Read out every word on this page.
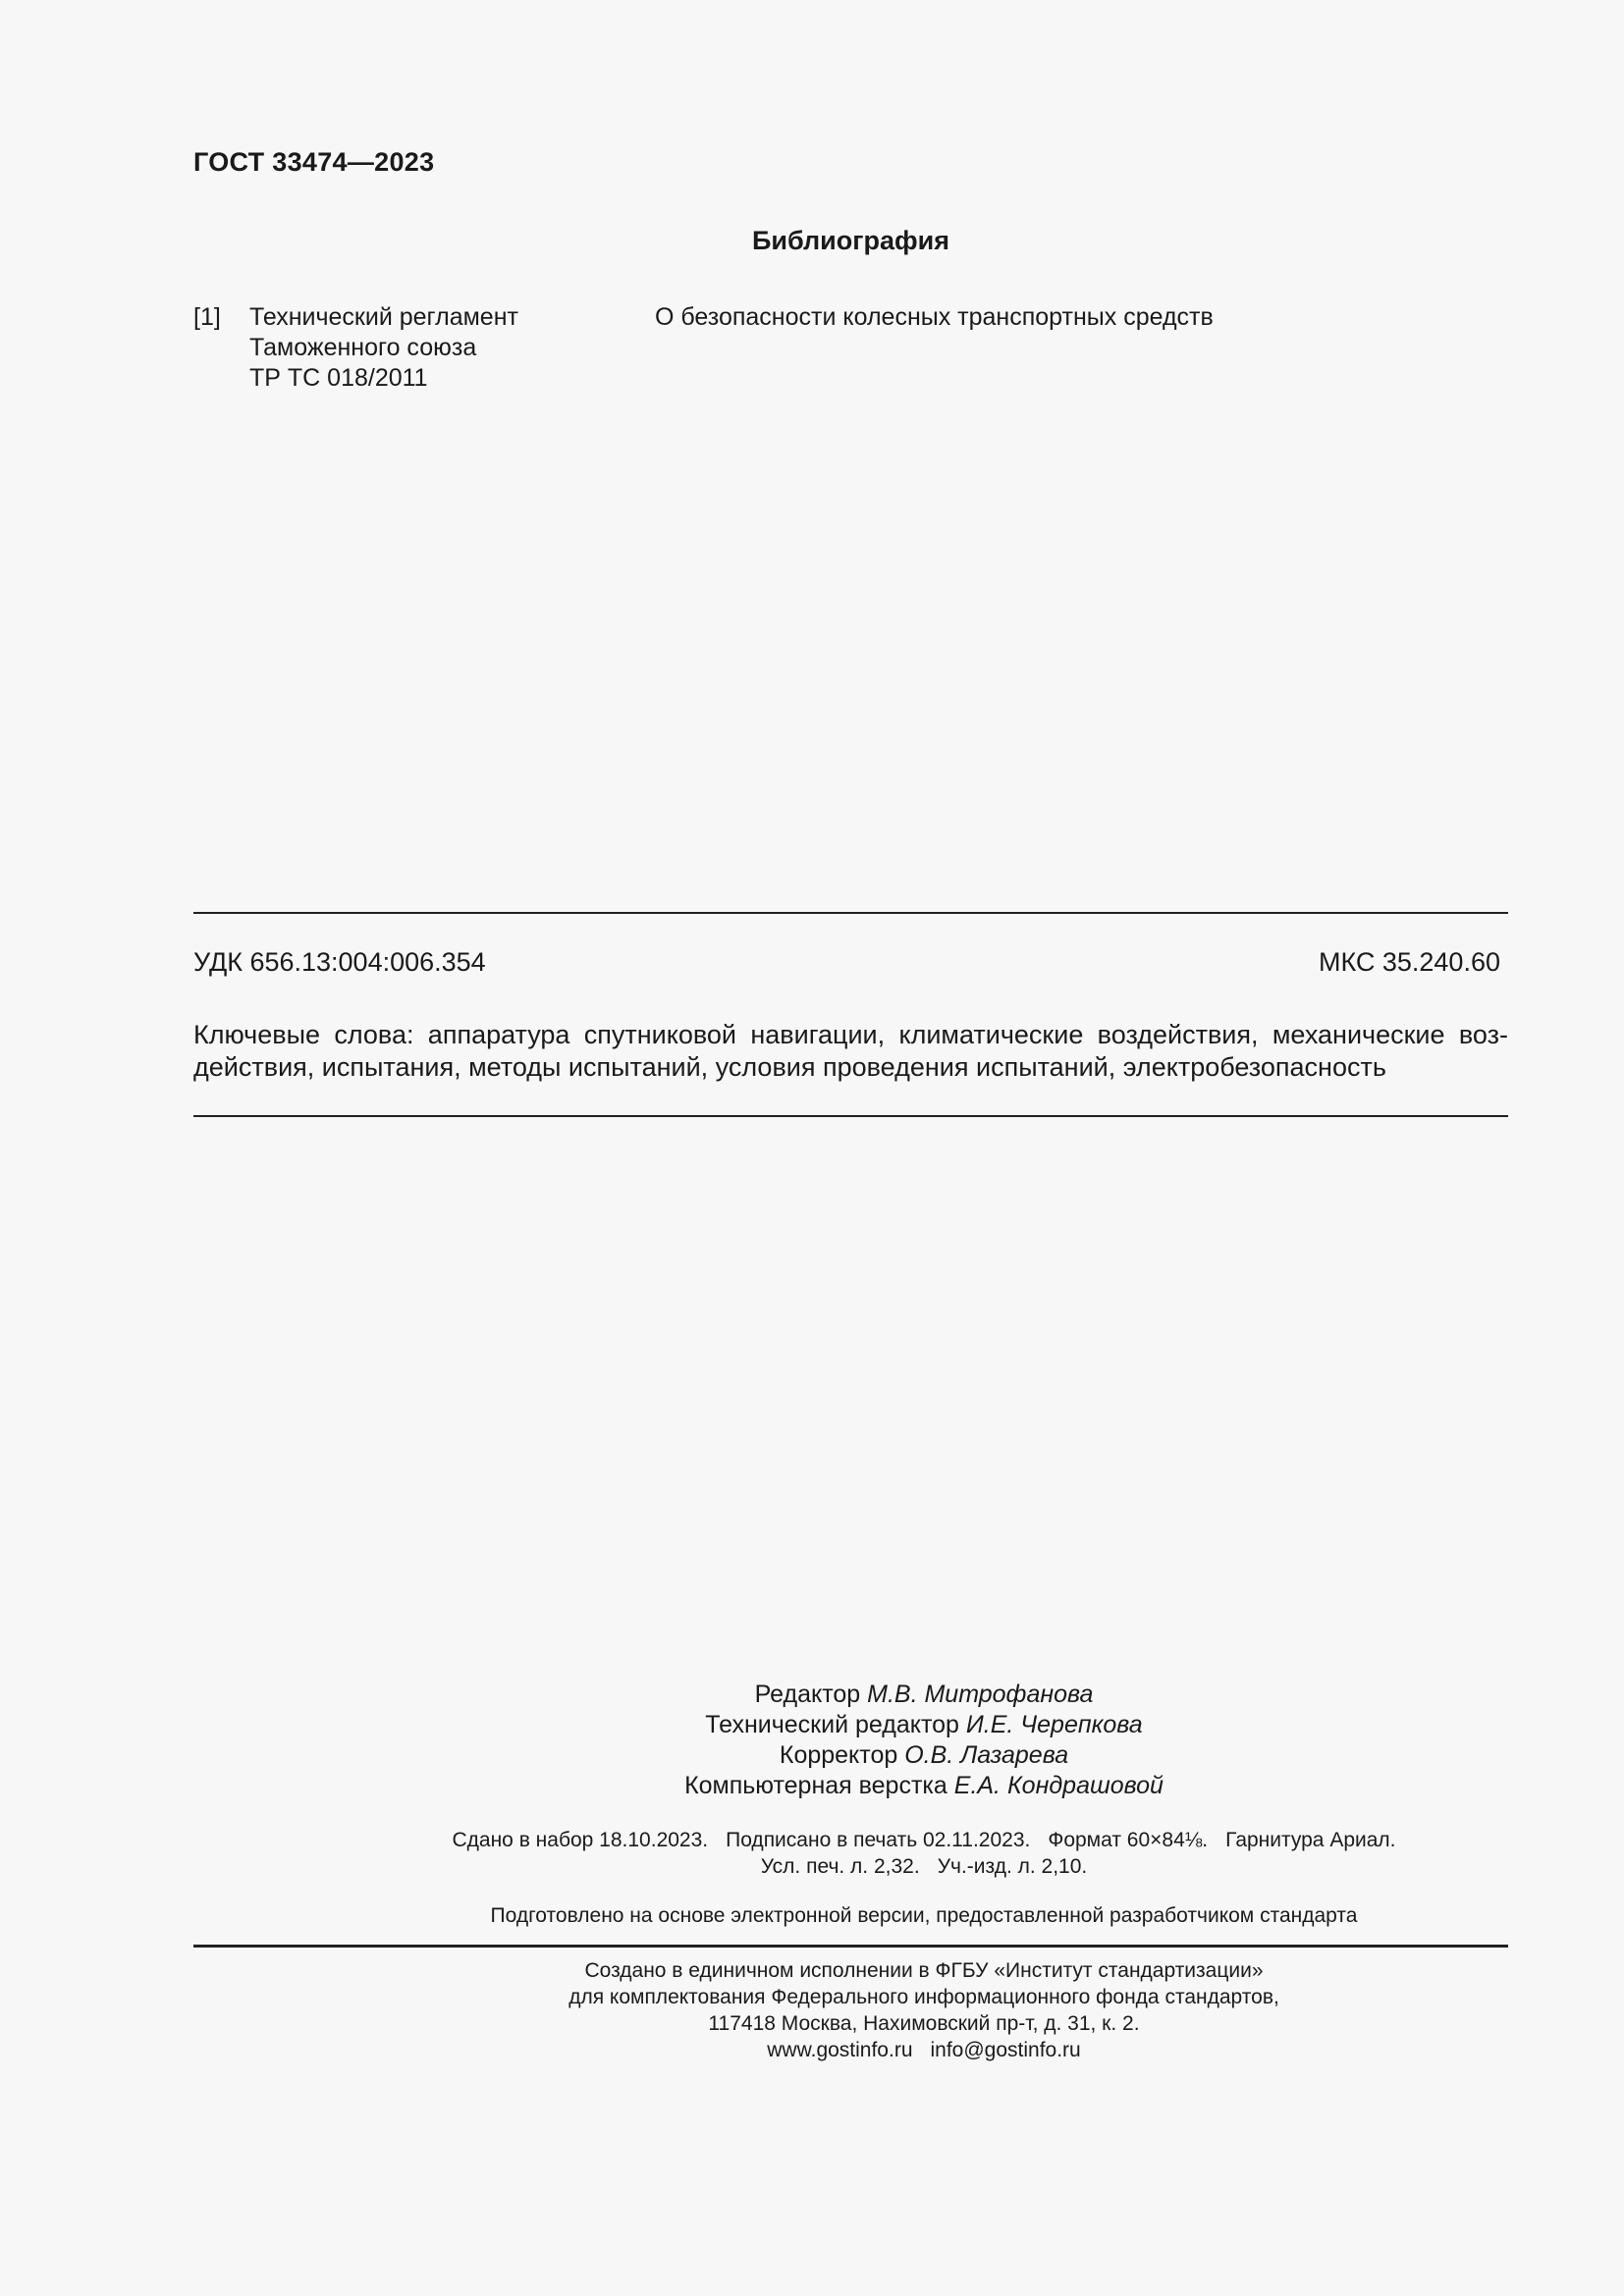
ГОСТ 33474—2023
Библиография
[1] Технический регламент
Таможенного союза
ТР ТС 018/2011
О безопасности колесных транспортных средств
УДК 656.13:004:006.354	МКС 35.240.60
Ключевые слова: аппаратура спутниковой навигации, климатические воздействия, механические воз-действия, испытания, методы испытаний, условия проведения испытаний, электробезопасность
Редактор М.В. Митрофанова
Технический редактор И.Е. Черепкова
Корректор О.В. Лазарева
Компьютерная верстка Е.А. Кондрашовой
Сдано в набор 18.10.2023. Подписано в печать 02.11.2023. Формат 60×84⅛. Гарнитура Ариал.
Усл. печ. л. 2,32. Уч.-изд. л. 2,10.
Подготовлено на основе электронной версии, предоставленной разработчиком стандарта
Создано в единичном исполнении в ФГБУ «Институт стандартизации»
для комплектования Федерального информационного фонда стандартов,
117418 Москва, Нахимовский пр-т, д. 31, к. 2.
www.gostinfo.ru info@gostinfo.ru
